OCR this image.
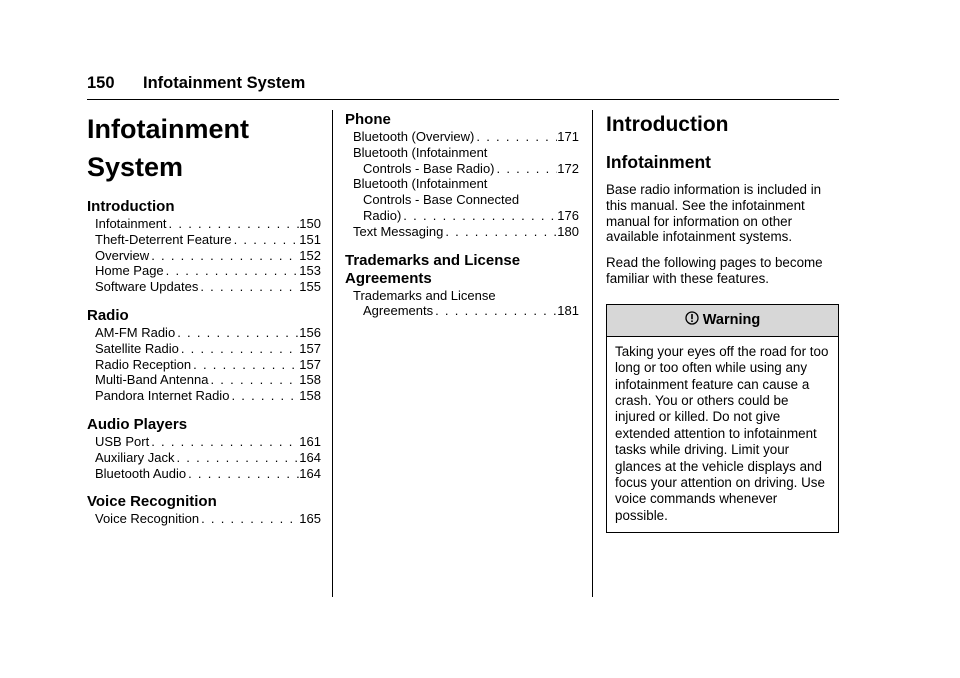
150 Infotainment System
Infotainment
System
Introduction
Infotainment . . .	150
Theft-Deterrent Feature . . .	151
Overview . . .	152
Home Page . . .	153
Software Updates . . .	155
Radio
AM-FM Radio . . .	156
Satellite Radio . . .	157
Radio Reception . . .	157
Multi-Band Antenna . . .	158
Pandora Internet Radio . . .	158
Audio Players
USB Port . . .	161
Auxiliary Jack . . .	164
Bluetooth Audio . . .	164
Voice Recognition
Voice Recognition . . .	165
Phone
Bluetooth (Overview) . . .	171
Bluetooth (Infotainment
Controls - Base Radio) . . .	172
Bluetooth (Infotainment
Controls - Base Connected
Radio) . . .	176
Text Messaging . . .	180
Trademarks and License
Agreements
Trademarks and License
Agreements . . .	181
Introduction
Infotainment
Base radio information is included in this manual. See the infotainment manual for information on other available infotainment systems.
Read the following pages to become familiar with these features.
Warning
Taking your eyes off the road for too long or too often while using any infotainment feature can cause a crash. You or others could be injured or killed. Do not give extended attention to infotainment tasks while driving. Limit your glances at the vehicle displays and focus your attention on driving. Use voice commands whenever possible.
